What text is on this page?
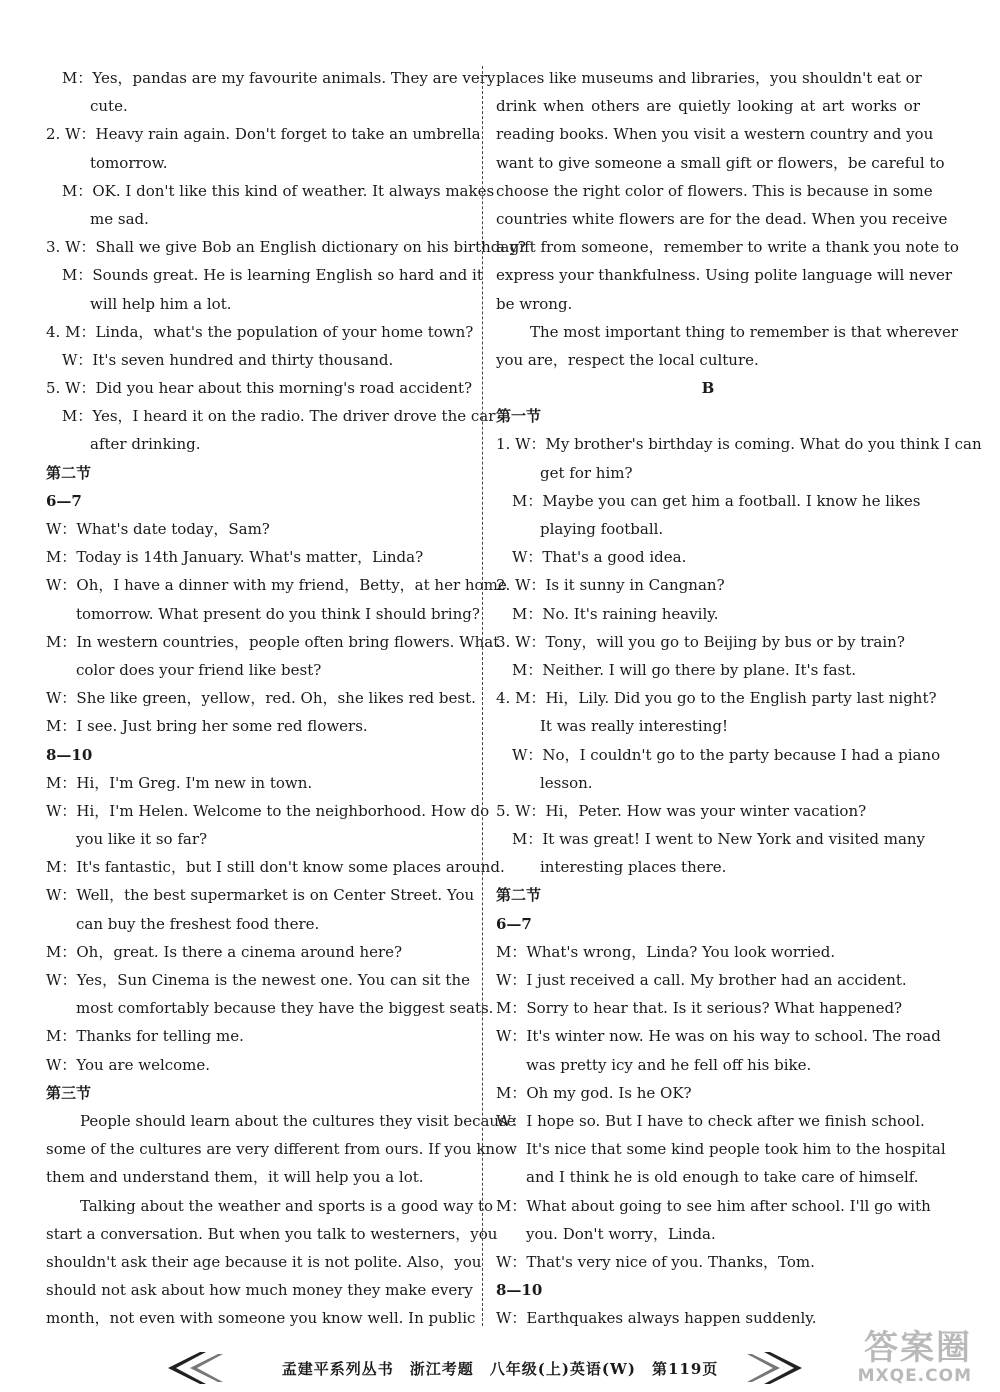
M：Yes，pandas are my favourite animals. They are very
cute.
2. W：Heavy rain again. Don't forget to take an umbrella
tomorrow.
M：OK. I don't like this kind of weather. It always makes
me sad.
3. W：Shall we give Bob an English dictionary on his birthday?
M：Sounds great. He is learning English so hard and it
will help him a lot.
4. M：Linda，what's the population of your home town?
W：It's seven hundred and thirty thousand.
5. W：Did you hear about this morning's road accident?
M：Yes，I heard it on the radio. The driver drove the car
after drinking.
第二节
6—7
W：What's date today，Sam?
M：Today is 14th January. What's matter，Linda?
W：Oh，I have a dinner with my friend，Betty，at her home
tomorrow. What present do you think I should bring?
M：In western countries，people often bring flowers. What
color does your friend like best?
W：She like green，yellow，red. Oh，she likes red best.
M：I see. Just bring her some red flowers.
8—10
M：Hi，I'm Greg. I'm new in town.
W：Hi，I'm Helen. Welcome to the neighborhood. How do
you like it so far?
M：It's fantastic，but I still don't know some places around.
W：Well，the best supermarket is on Center Street. You
can buy the freshest food there.
M：Oh，great. Is there a cinema around here?
W：Yes，Sun Cinema is the newest one. You can sit the
most comfortably because they have the biggest seats.
M：Thanks for telling me.
W：You are welcome.
第三节
People should learn about the cultures they visit because
some of the cultures are very different from ours. If you know
them and understand them，it will help you a lot.
Talking about the weather and sports is a good way to
start a conversation. But when you talk to westerners，you
shouldn't ask their age because it is not polite. Also，you
should not ask about how much money they make every
month，not even with someone you know well. In public
places like museums and libraries，you shouldn't eat or
drink when others are quietly looking at art works or
reading books. When you visit a western country and you
want to give someone a small gift or flowers，be careful to
choose the right color of flowers. This is because in some
countries white flowers are for the dead. When you receive
a gift from someone，remember to write a thank you note to
express your thankfulness. Using polite language will never
be wrong.
The most important thing to remember is that wherever
you are，respect the local culture.
B
第一节
1. W：My brother's birthday is coming. What do you think I can
get for him?
M：Maybe you can get him a football. I know he likes
playing football.
W：That's a good idea.
2. W：Is it sunny in Cangnan?
M：No. It's raining heavily.
3. W：Tony，will you go to Beijing by bus or by train?
M：Neither. I will go there by plane. It's fast.
4. M：Hi，Lily. Did you go to the English party last night?
It was really interesting!
W：No，I couldn't go to the party because I had a piano
lesson.
5. W：Hi，Peter. How was your winter vacation?
M：It was great! I went to New York and visited many
interesting places there.
第二节
6—7
M：What's wrong，Linda? You look worried.
W：I just received a call. My brother had an accident.
M：Sorry to hear that. Is it serious? What happened?
W：It's winter now. He was on his way to school. The road
was pretty icy and he fell off his bike.
M：Oh my god. Is he OK?
W：I hope so. But I have to check after we finish school.
It's nice that some kind people took him to the hospital
and I think he is old enough to take care of himself.
M：What about going to see him after school. I'll go with
you. Don't worry，Linda.
W：That's very nice of you. Thanks，Tom.
8—10
W：Earthquakes always happen suddenly.
孟建平系列丛书　浙江考题　八年级(上)英语(W)　第119页
答案圈
MXQE.COM
